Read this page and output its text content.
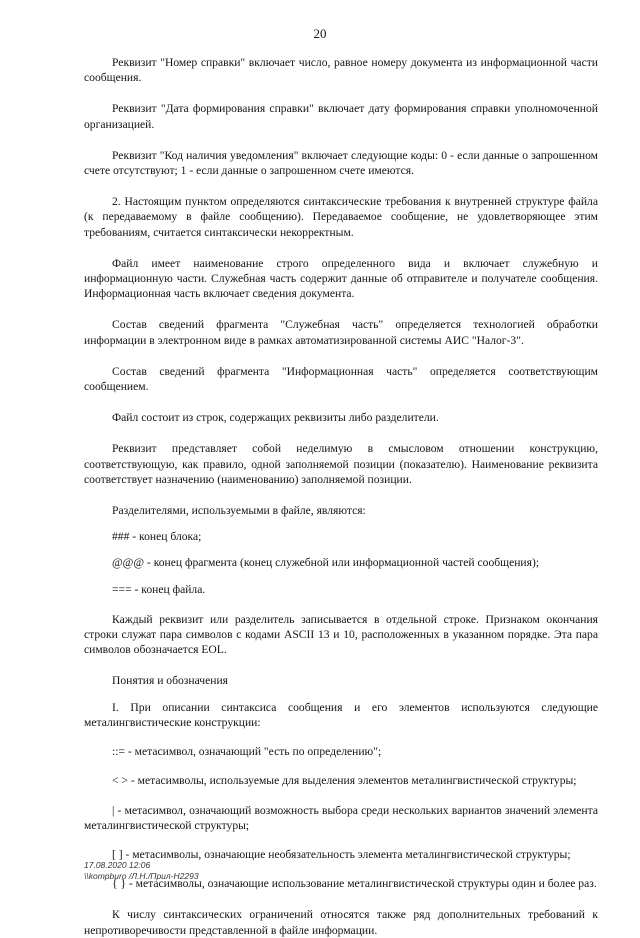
20

Реквизит "Номер справки" включает число, равное номеру документа из информационной части сообщения.

Реквизит "Дата формирования справки" включает дату формирования справки уполномоченной организацией.

Реквизит "Код наличия уведомления" включает следующие коды: 0 - если данные о запрошенном счете отсутствуют; 1 - если данные о запрошенном счете имеются.

2. Настоящим пунктом определяются синтаксические требования к внутренней структуре файла (к передаваемому в файле сообщению). Передаваемое сообщение, не удовлетворяющее этим требованиям, считается синтаксически некорректным.

Файл имеет наименование строго определенного вида и включает служебную и информационную части. Служебная часть содержит данные об отправителе и получателе сообщения. Информационная часть включает сведения документа.

Состав сведений фрагмента "Служебная часть" определяется технологией обработки информации в электронном виде в рамках автоматизированной системы АИС "Налог-3".

Состав сведений фрагмента "Информационная часть" определяется соответствующим сообщением.

Файл состоит из строк, содержащих реквизиты либо разделители.

Реквизит представляет собой неделимую в смысловом отношении конструкцию, соответствующую, как правило, одной заполняемой позиции (показателю). Наименование реквизита соответствует назначению (наименованию) заполняемой позиции.

Разделителями, используемыми в файле, являются:

### - конец блока;

@@@ - конец фрагмента (конец служебной или информационной частей сообщения);

=== - конец файла.

Каждый реквизит или разделитель записывается в отдельной строке. Признаком окончания строки служат пара символов с кодами ASCII 13 и 10, расположенных в указанном порядке. Эта пара символов обозначается EOL.

Понятия и обозначения

I. При описании синтаксиса сообщения и его элементов используются следующие металингвистические конструкции:

::= - метасимвол, означающий "есть по определению";

< > - метасимволы, используемые для выделения элементов металингвистической структуры;

| - метасимвол, означающий возможность выбора среди нескольких вариантов значений элемента металингвистической структуры;

[ ] - метасимволы, означающие необязательность элемента металингвистической структуры;

{ } - метасимволы, означающие использование металингвистической структуры один и более раз.

К числу синтаксических ограничений относятся также ряд дополнительных требований к непротиворечивости представленной в файле информации.

17.08.2020 12:06
\\kompburo /Л.Н./Прил-Н2293
